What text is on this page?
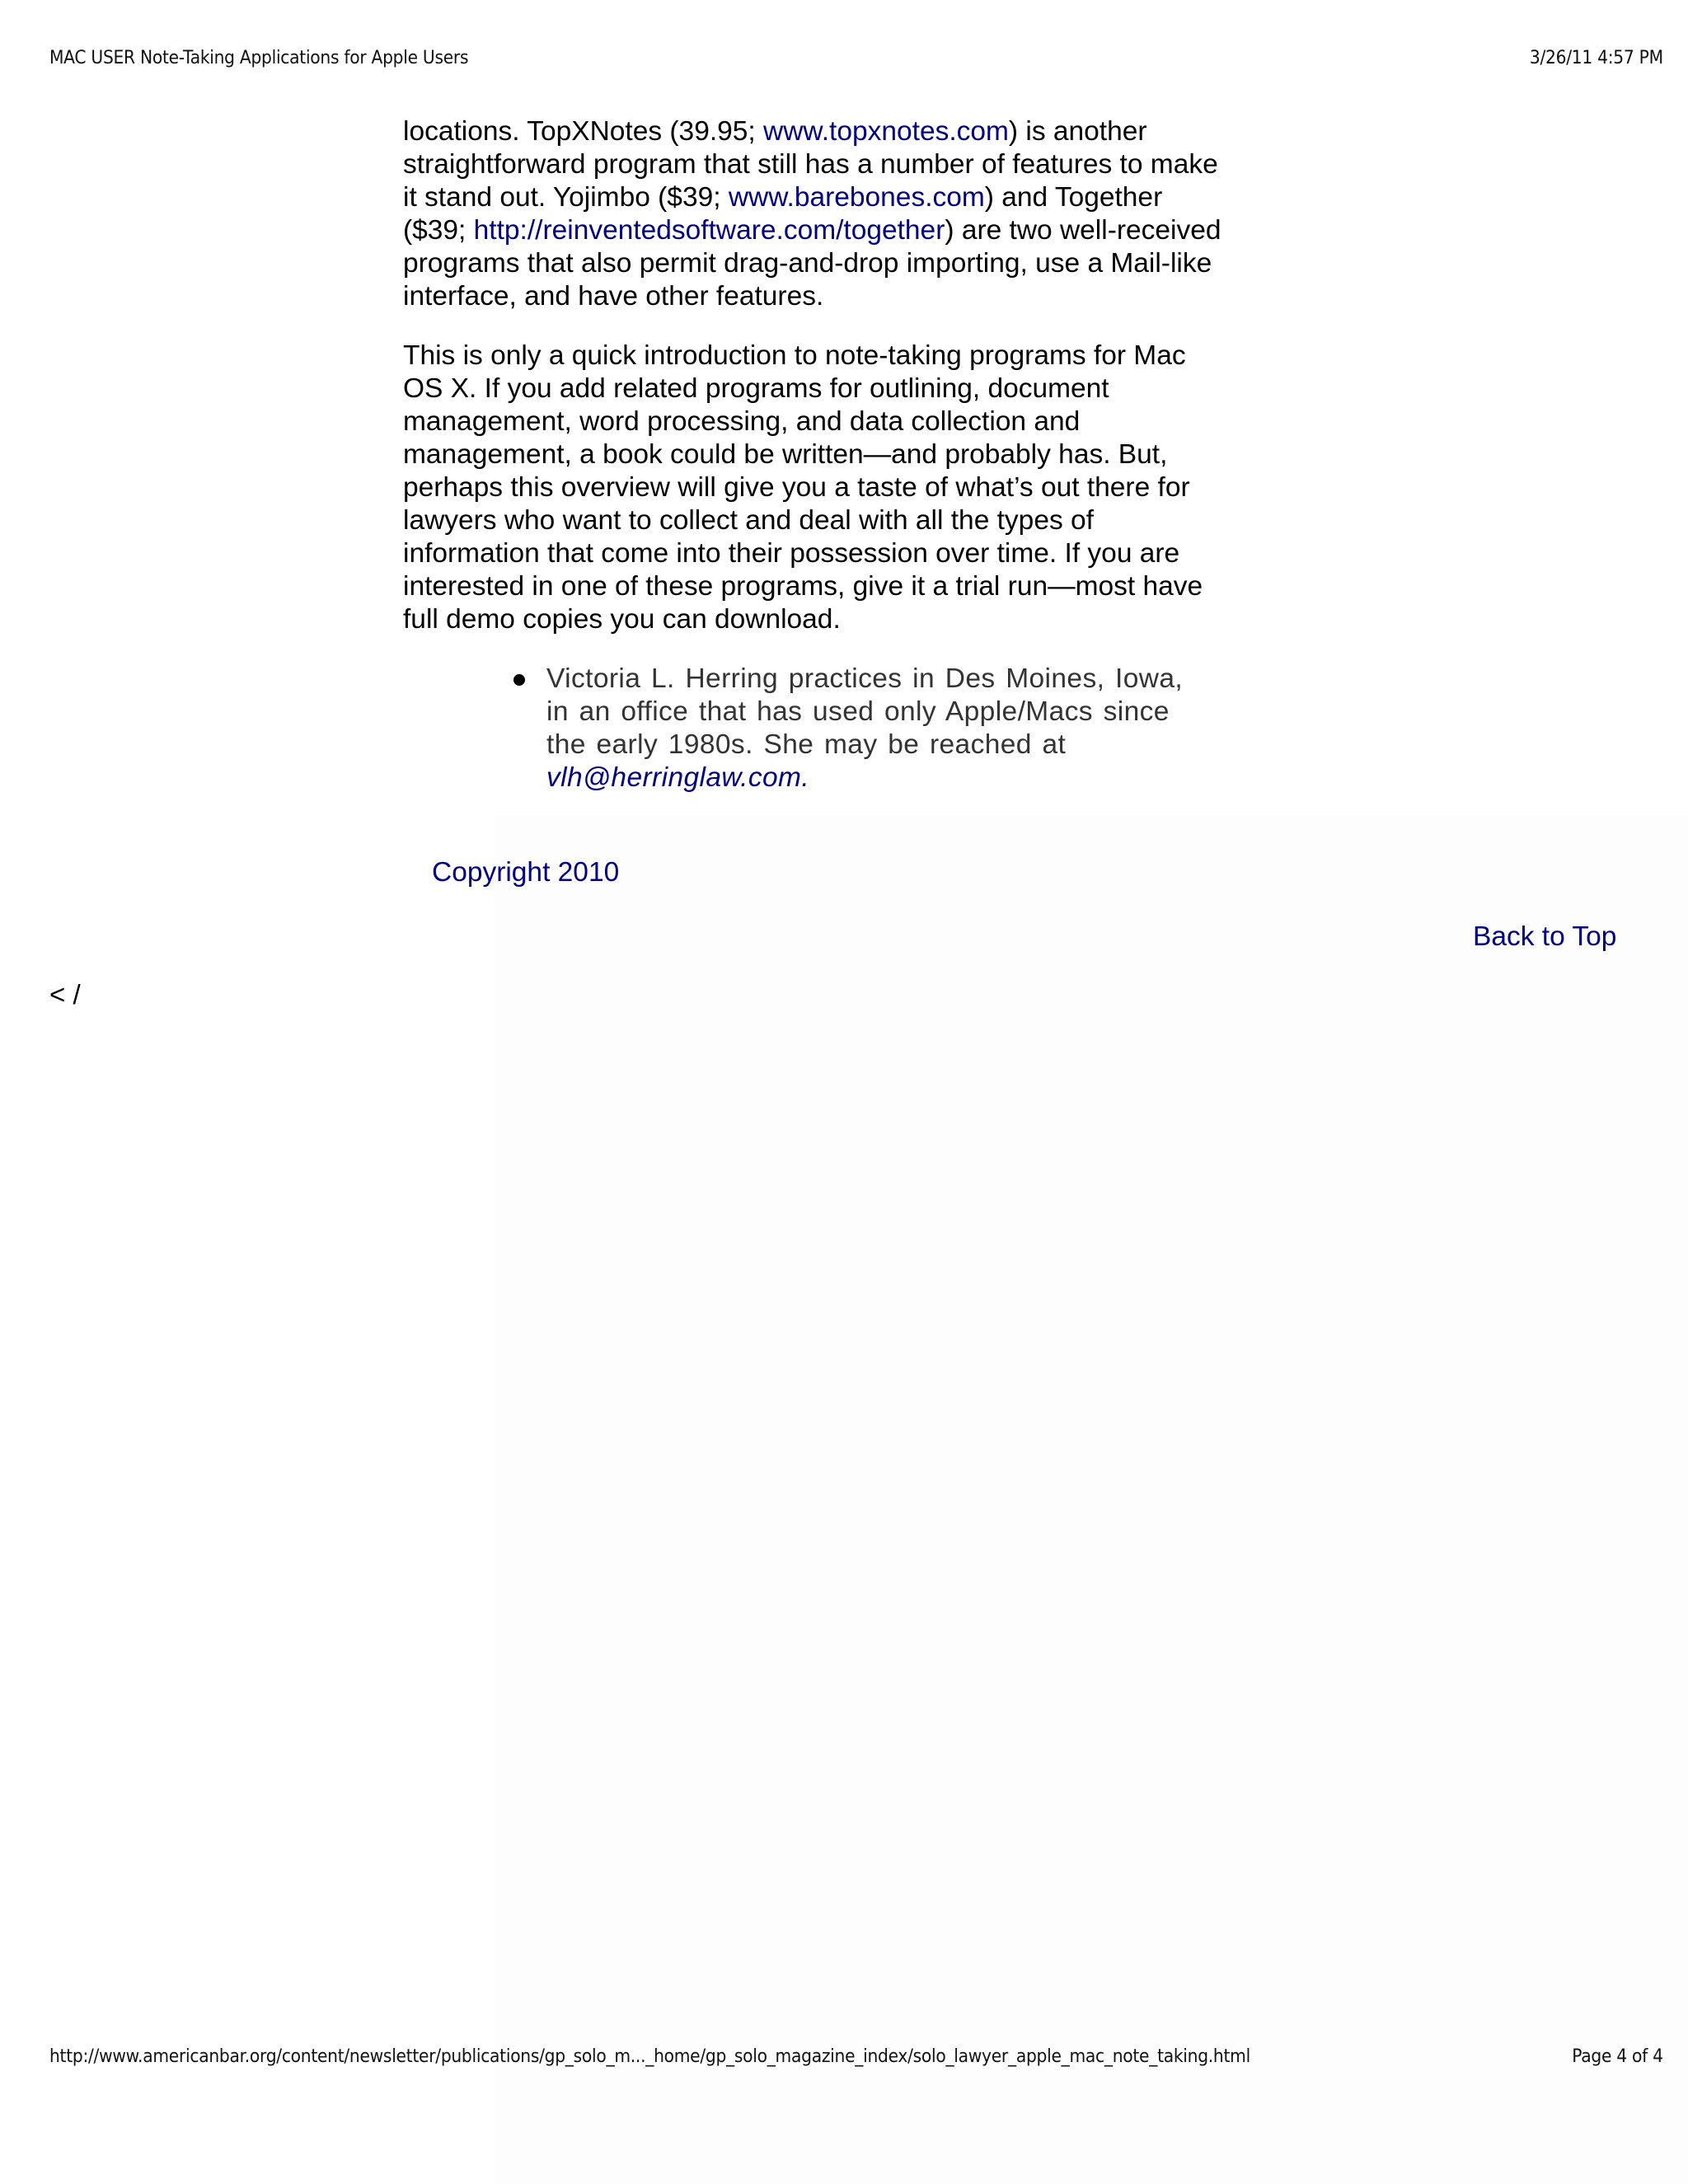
MAC USER Note-Taking Applications for Apple Users	3/26/11 4:57 PM

locations. TopXNotes (39.95; www.topxnotes.com) is another straightforward program that still has a number of features to make it stand out. Yojimbo ($39; www.barebones.com) and Together ($39; http://reinventedsoftware.com/together) are two well-received programs that also permit drag-and-drop importing, use a Mail-like interface, and have other features.

This is only a quick introduction to note-taking programs for Mac OS X. If you add related programs for outlining, document management, word processing, and data collection and management, a book could be written—and probably has. But, perhaps this overview will give you a taste of what’s out there for lawyers who want to collect and deal with all the types of information that come into their possession over time. If you are interested in one of these programs, give it a trial run—most have full demo copies you can download.

Victoria L. Herring practices in Des Moines, Iowa, in an office that has used only Apple/Macs since the early 1980s. She may be reached at vlh@herringlaw.com.
Copyright 2010
Back to Top
< /
http://www.americanbar.org/content/newsletter/publications/gp_solo_m..._home/gp_solo_magazine_index/solo_lawyer_apple_mac_note_taking.html	Page 4 of 4
